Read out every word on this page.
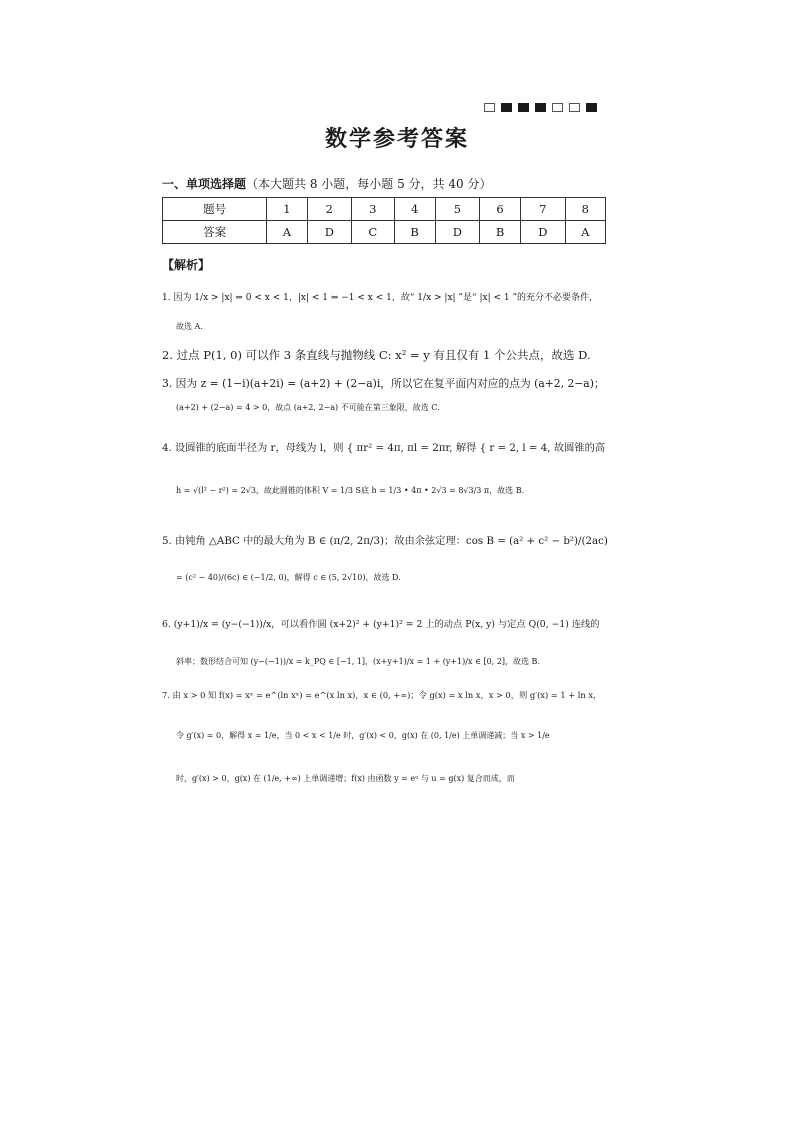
数学参考答案
一、单项选择题（本大题共 8 小题，每小题 5 分，共 40 分）
题号	1	2	3	4	5	6	7	8
答案	A	D	C	B	D	B	D	A
【解析】
1. 因为 1/x > |x| ⇔ 0 < x < 1，|x| < 1 ⇔ −1 < x < 1，故“ 1/x > |x| ”是“ |x| < 1 ”的充分不必要条件，
故选 A.
2. 过点 P(1, 0) 可以作 3 条直线与抛物线 C: x² = y 有且仅有 1 个公共点，故选 D.
3. 因为 z = (1−i)(a+2i) = (a+2) + (2−a)i，所以它在复平面内对应的点为 (a+2, 2−a)；
(a+2) + (2−a) = 4 > 0，故点 (a+2, 2−a) 不可能在第三象限，故选 C.
4. 设圆锥的底面半径为 r，母线为 l，则 { πr² = 4π, πl = 2πr, 解得 { r = 2, l = 4, 故圆锥的高
h = √(l² − r²) = 2√3，故此圆锥的体积 V = 1/3 S底 h = 1/3 • 4π • 2√3 = 8√3/3 π，故选 B.
5. 由钝角 △ABC 中的最大角为 B ∈ (π/2, 2π/3)；故由余弦定理：cos B = (a² + c² − b²)/(2ac)
= (c² − 40)/(6c) ∈ (−1/2, 0)，解得 c ∈ (5, 2√10)，故选 D.
6. (y+1)/x = (y−(−1))/x，可以看作圆 (x+2)² + (y+1)² = 2 上的动点 P(x, y) 与定点 Q(0, −1) 连线的
斜率；数形结合可知 (y−(−1))/x = k_PQ ∈ [−1, 1]，(x+y+1)/x = 1 + (y+1)/x ∈ [0, 2]，故选 B.
7. 由 x > 0 知 f(x) = xˣ = e^(ln xˣ) = e^(x ln x)，x ∈ (0, +∞)；令 g(x) = x ln x，x > 0，则 g′(x) = 1 + ln x，
令 g′(x) = 0，解得 x = 1/e，当 0 < x < 1/e 时，g′(x) < 0，g(x) 在 (0, 1/e) 上单调递减；当 x > 1/e
时，g′(x) > 0，g(x) 在 (1/e, +∞) 上单调递增；f(x) 由函数 y = eᵘ 与 u = g(x) 复合而成，而
